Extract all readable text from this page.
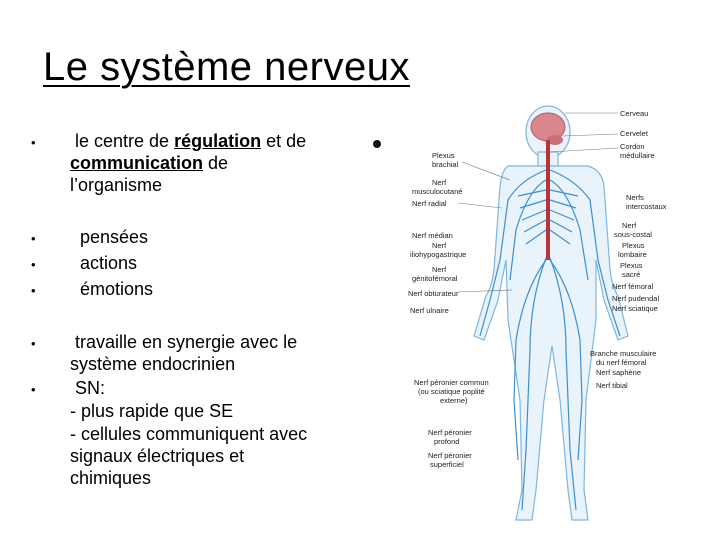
Le système nerveux
• le centre de régulation et de
communication de
l’organisme
• pensées
• actions
• émotions
• travaille en synergie avec le
système endocrinien
• SN:
- plus rapide que SE
- cellules communiquent avec
signaux électriques et
chimiques
Cerveau
Cervelet
Cordon
médullaire
Nerfs
intercostaux
Nerf
sous-costal
Plexus
lombaire
Plexus
sacré
Nerf fémoral
Nerf pudendal
Nerf sciatique
Branche musculaire
du nerf fémoral
Nerf saphène
Nerf tibial
Plexus
brachial
Nerf
musculocutané
Nerf radial
Nerf médian
Nerf
iliohypogastrique
Nerf
génitofémoral
Nerf obturateur
Nerf ulnaire
Nerf péronier commun
(ou sciatique poplité
externe)
Nerf péronier
profond
Nerf péronier
superficiel
